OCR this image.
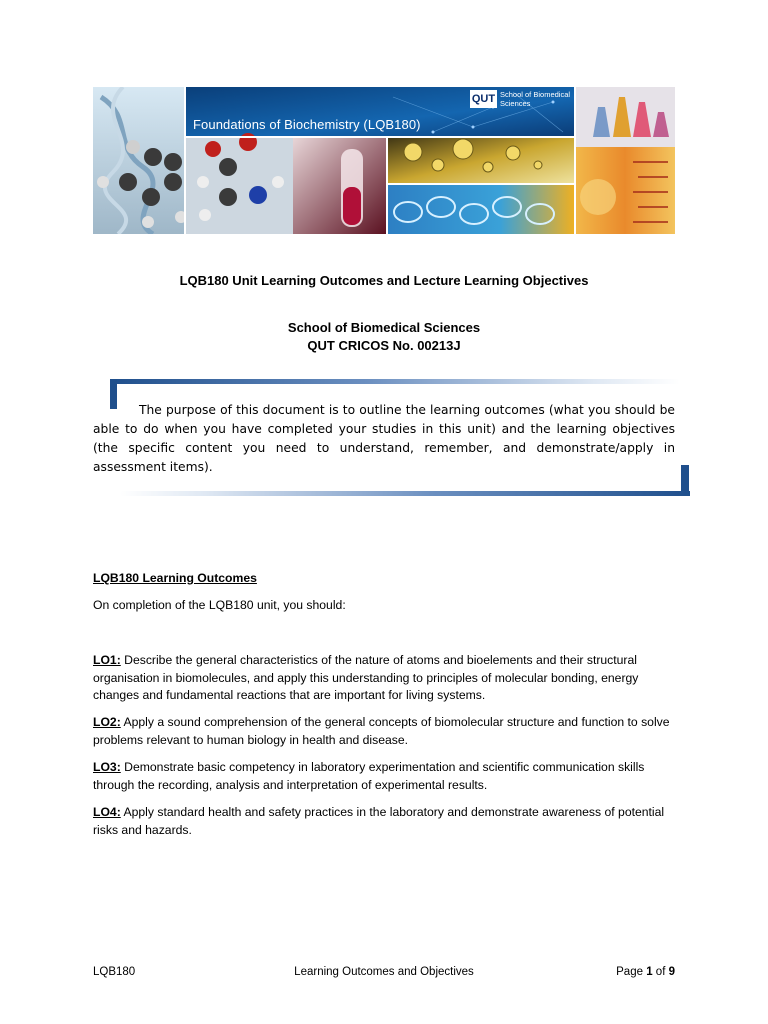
Foundations of Biochemistry (LQB180)
QUT School of Biomedical Sciences
LQB180 Unit Learning Outcomes and Lecture Learning Objectives
School of Biomedical Sciences
QUT CRICOS No. 00213J
The purpose of this document is to outline the learning outcomes (what you should be able to do when you have completed your studies in this unit) and the learning objectives (the specific content you need to understand, remember, and demonstrate/apply in assessment items).
LQB180 Learning Outcomes
On completion of the LQB180 unit, you should:
LO1: Describe the general characteristics of the nature of atoms and bioelements and their structural organisation in biomolecules, and apply this understanding to principles of molecular bonding, energy changes and fundamental reactions that are important for living systems.
LO2: Apply a sound comprehension of the general concepts of biomolecular structure and function to solve problems relevant to human biology in health and disease.
LO3: Demonstrate basic competency in laboratory experimentation and scientific communication skills through the recording, analysis and interpretation of experimental results.
LO4: Apply standard health and safety practices in the laboratory and demonstrate awareness of potential risks and hazards.
LQB180	Learning Outcomes and Objectives	Page 1 of 9
